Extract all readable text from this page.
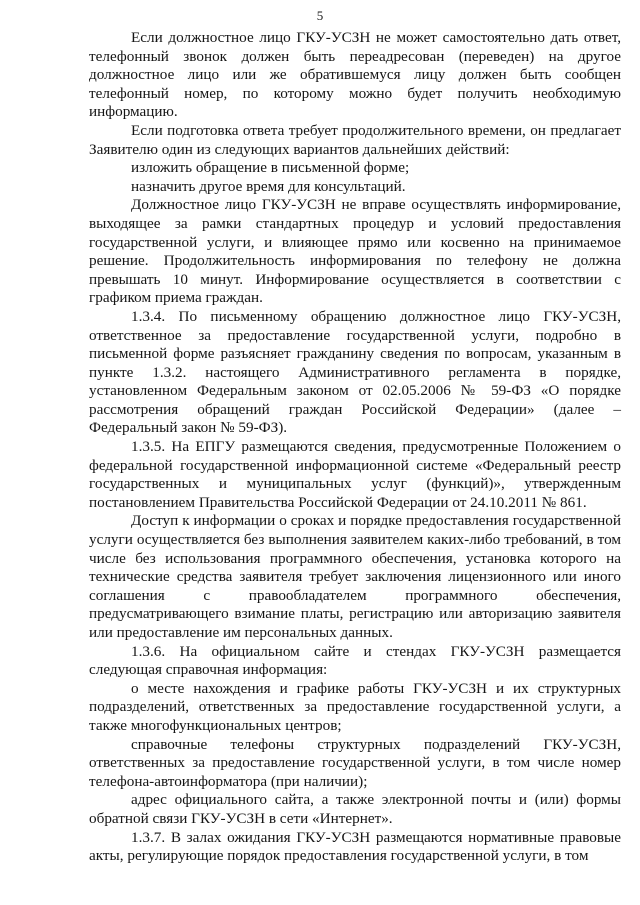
5

Если должностное лицо ГКУ-УСЗН не может самостоятельно дать ответ, телефонный звонок должен быть переадресован (переведен) на другое должностное лицо или же обратившемуся лицу должен быть сообщен телефонный номер, по которому можно будет получить необходимую информацию.

Если подготовка ответа требует продолжительного времени, он предлагает Заявителю один из следующих вариантов дальнейших действий:

изложить обращение в письменной форме;

назначить другое время для консультаций.

Должностное лицо ГКУ-УСЗН не вправе осуществлять информирование, выходящее за рамки стандартных процедур и условий предоставления государственной услуги, и влияющее прямо или косвенно на принимаемое решение. Продолжительность информирования по телефону не должна превышать 10 минут. Информирование осуществляется в соответствии с графиком приема граждан.

1.3.4. По письменному обращению должностное лицо ГКУ-УСЗН, ответственное за предоставление государственной услуги, подробно в письменной форме разъясняет гражданину сведения по вопросам, указанным в пункте 1.3.2. настоящего Административного регламента в порядке, установленном Федеральным законом от 02.05.2006 № 59-ФЗ «О порядке рассмотрения обращений граждан Российской Федерации» (далее – Федеральный закон № 59-ФЗ).

1.3.5. На ЕПГУ размещаются сведения, предусмотренные Положением о федеральной государственной информационной системе «Федеральный реестр государственных и муниципальных услуг (функций)», утвержденным постановлением Правительства Российской Федерации от 24.10.2011 № 861.

Доступ к информации о сроках и порядке предоставления государственной услуги осуществляется без выполнения заявителем каких-либо требований, в том числе без использования программного обеспечения, установка которого на технические средства заявителя требует заключения лицензионного или иного соглашения с правообладателем программного обеспечения, предусматривающего взимание платы, регистрацию или авторизацию заявителя или предоставление им персональных данных.

1.3.6. На официальном сайте и стендах ГКУ-УСЗН размещается следующая справочная информация:

о месте нахождения и графике работы ГКУ-УСЗН и их структурных подразделений, ответственных за предоставление государственной услуги, а также многофункциональных центров;

справочные телефоны структурных подразделений ГКУ-УСЗН, ответственных за предоставление государственной услуги, в том числе номер телефона-автоинформатора (при наличии);

адрес официального сайта, а также электронной почты и (или) формы обратной связи ГКУ-УСЗН в сети «Интернет».

1.3.7. В залах ожидания ГКУ-УСЗН размещаются нормативные правовые акты, регулирующие порядок предоставления государственной услуги, в том
